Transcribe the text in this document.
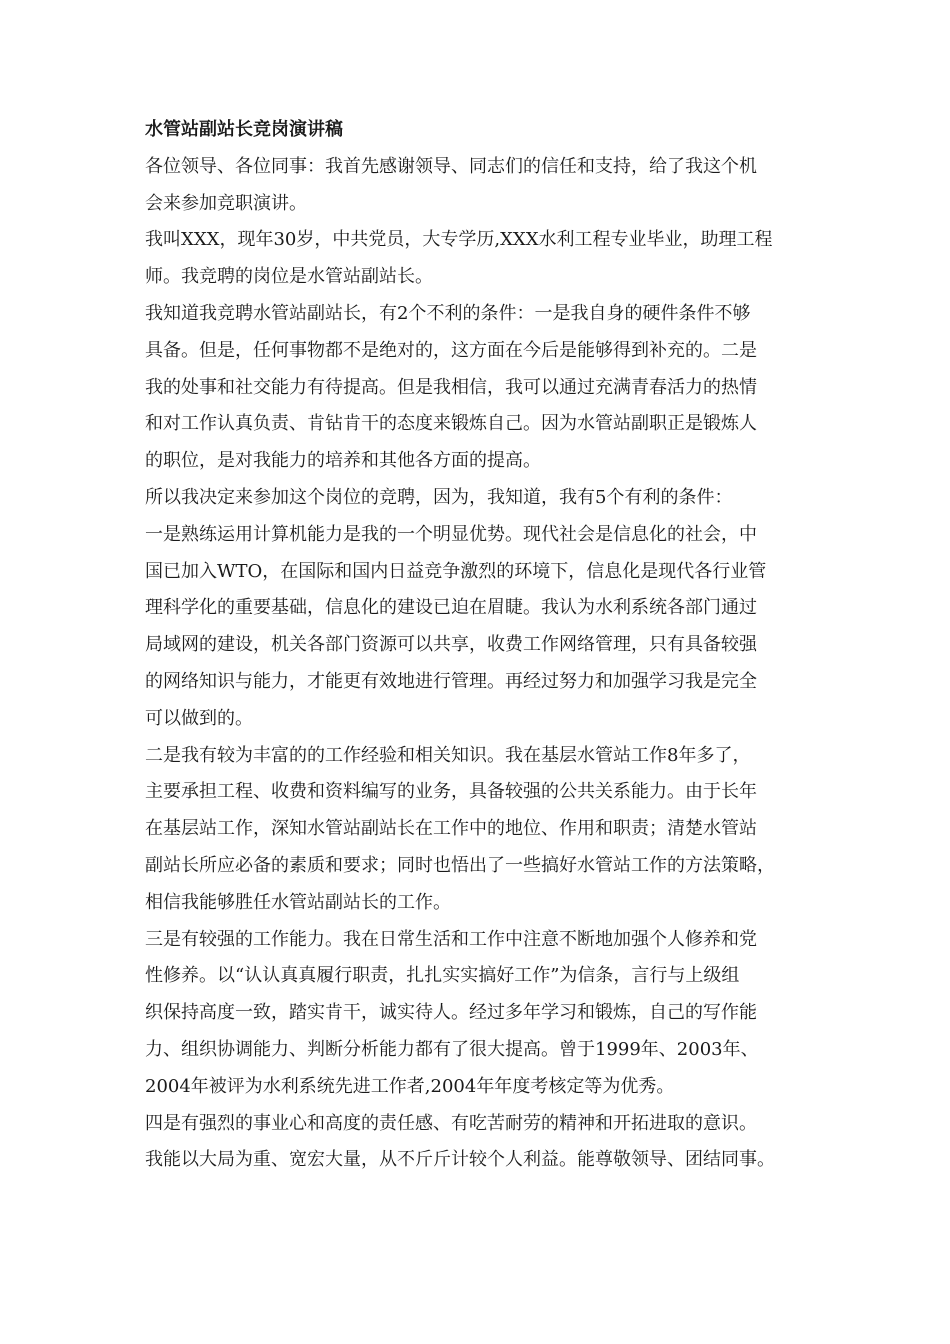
水管站副站长竞岗演讲稿
各位领导、各位同事：我首先感谢领导、同志们的信任和支持，给了我这个机
会来参加竞职演讲。
我叫XXX，现年30岁，中共党员，大专学历,XXX水利工程专业毕业，助理工程
师。我竞聘的岗位是水管站副站长。
我知道我竞聘水管站副站长，有2个不利的条件：一是我自身的硬件条件不够
具备。但是，任何事物都不是绝对的，这方面在今后是能够得到补充的。二是
我的处事和社交能力有待提高。但是我相信，我可以通过充满青春活力的热情
和对工作认真负责、肯钻肯干的态度来锻炼自己。因为水管站副职正是锻炼人
的职位，是对我能力的培养和其他各方面的提高。
所以我决定来参加这个岗位的竞聘，因为，我知道，我有5个有利的条件：
一是熟练运用计算机能力是我的一个明显优势。现代社会是信息化的社会，中
国已加入WTO，在国际和国内日益竞争激烈的环境下，信息化是现代各行业管
理科学化的重要基础，信息化的建设已迫在眉睫。我认为水利系统各部门通过
局域网的建设，机关各部门资源可以共享，收费工作网络管理，只有具备较强
的网络知识与能力，才能更有效地进行管理。再经过努力和加强学习我是完全
可以做到的。
二是我有较为丰富的的工作经验和相关知识。我在基层水管站工作8年多了，
主要承担工程、收费和资料编写的业务，具备较强的公共关系能力。由于长年
在基层站工作，深知水管站副站长在工作中的地位、作用和职责；清楚水管站
副站长所应必备的素质和要求；同时也悟出了一些搞好水管站工作的方法策略，
相信我能够胜任水管站副站长的工作。
三是有较强的工作能力。我在日常生活和工作中注意不断地加强个人修养和党
性修养。以“认认真真履行职责，扎扎实实搞好工作”为信条，言行与上级组
织保持高度一致，踏实肯干，诚实待人。经过多年学习和锻炼，自己的写作能
力、组织协调能力、判断分析能力都有了很大提高。曾于1999年、2003年、
2004年被评为水利系统先进工作者,2004年年度考核定等为优秀。
四是有强烈的事业心和高度的责任感、有吃苦耐劳的精神和开拓进取的意识。
我能以大局为重、宽宏大量，从不斤斤计较个人利益。能尊敬领导、团结同事。
